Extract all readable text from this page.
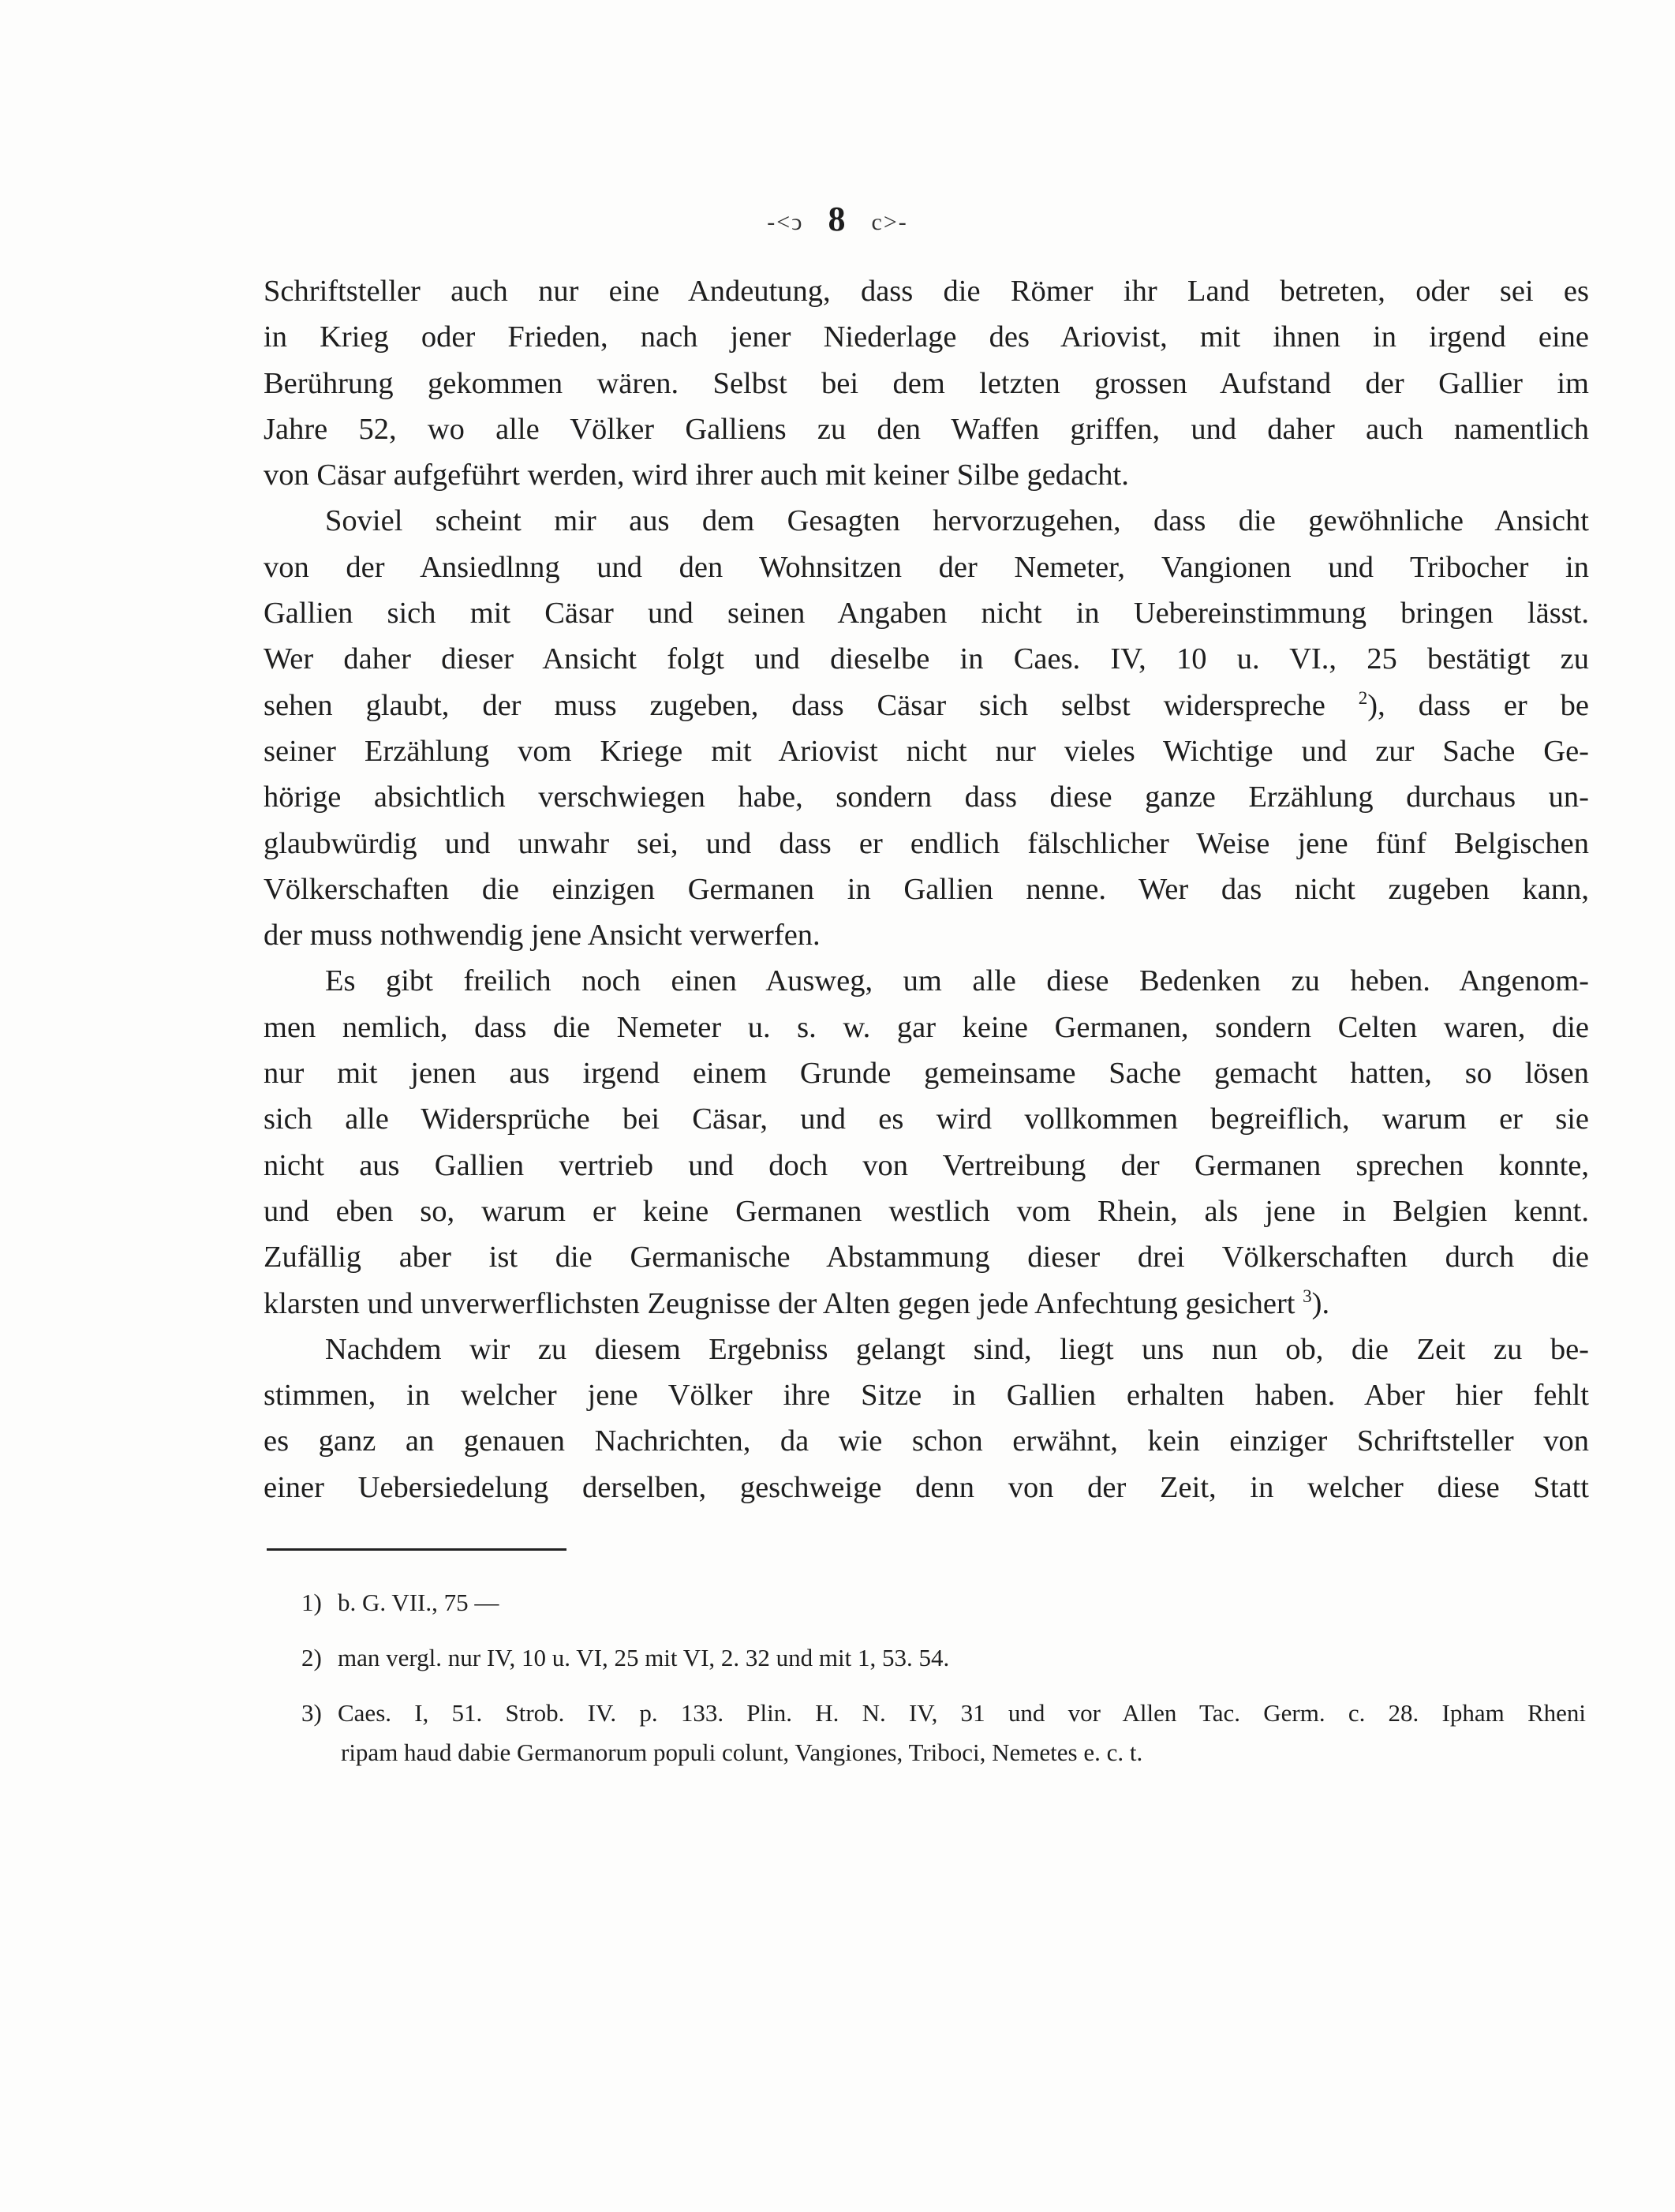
-<ↄ 8 c>-
Schriftsteller auch nur eine Andeutung, dass die Römer ihr Land betreten, oder sei es
in Krieg oder Frieden, nach jener Niederlage des Ariovist, mit ihnen in irgend eine
Berührung gekommen wären. Selbst bei dem letzten grossen Aufstand der Gallier im
Jahre 52, wo alle Völker Galliens zu den Waffen griffen, und daher auch namentlich
von Cäsar aufgeführt werden, wird ihrer auch mit keiner Silbe gedacht.
Soviel scheint mir aus dem Gesagten hervorzugehen, dass die gewöhnliche Ansicht
von der Ansiedlnng und den Wohnsitzen der Nemeter, Vangionen und Tribocher in
Gallien sich mit Cäsar und seinen Angaben nicht in Uebereinstimmung bringen lässt.
Wer daher dieser Ansicht folgt und dieselbe in Caes. IV, 10 u. VI., 25 bestätigt zu
sehen glaubt, der muss zugeben, dass Cäsar sich selbst widerspreche $^2$), dass er be
seiner Erzählung vom Kriege mit Ariovist nicht nur vieles Wichtige und zur Sache Ge-
hörige absichtlich verschwiegen habe, sondern dass diese ganze Erzählung durchaus un-
glaubwürdig und unwahr sei, und dass er endlich fälschlicher Weise jene fünf Belgischen
Völkerschaften die einzigen Germanen in Gallien nenne. Wer das nicht zugeben kann,
der muss nothwendig jene Ansicht verwerfen.
Es gibt freilich noch einen Ausweg, um alle diese Bedenken zu heben. Angenom-
men nemlich, dass die Nemeter u. s. w. gar keine Germanen, sondern Celten waren, die
nur mit jenen aus irgend einem Grunde gemeinsame Sache gemacht hatten, so lösen
sich alle Widersprüche bei Cäsar, und es wird vollkommen begreiflich, warum er sie
nicht aus Gallien vertrieb und doch von Vertreibung der Germanen sprechen konnte,
und eben so, warum er keine Germanen westlich vom Rhein, als jene in Belgien kennt.
Zufällig aber ist die Germanische Abstammung dieser drei Völkerschaften durch die
klarsten und unverwerflichsten Zeugnisse der Alten gegen jede Anfechtung gesichert $^3$).
Nachdem wir zu diesem Ergebniss gelangt sind, liegt uns nun ob, die Zeit zu be-
stimmen, in welcher jene Völker ihre Sitze in Gallien erhalten haben. Aber hier fehlt
es ganz an genauen Nachrichten, da wie schon erwähnt, kein einziger Schriftsteller von
einer Uebersiedelung derselben, geschweige denn von der Zeit, in welcher diese Statt
1) b. G. VII., 75 —
2) man vergl. nur IV, 10 u. VI, 25 mit VI, 2. 32 und mit 1, 53. 54.
3) Caes. I, 51. Strob. IV. p. 133. Plin. H. N. IV, 31 und vor Allen Tac. Germ. c. 28. Ipham Rheni
ripam haud dabie Germanorum populi colunt, Vangiones, Triboci, Nemetes e. c. t.
